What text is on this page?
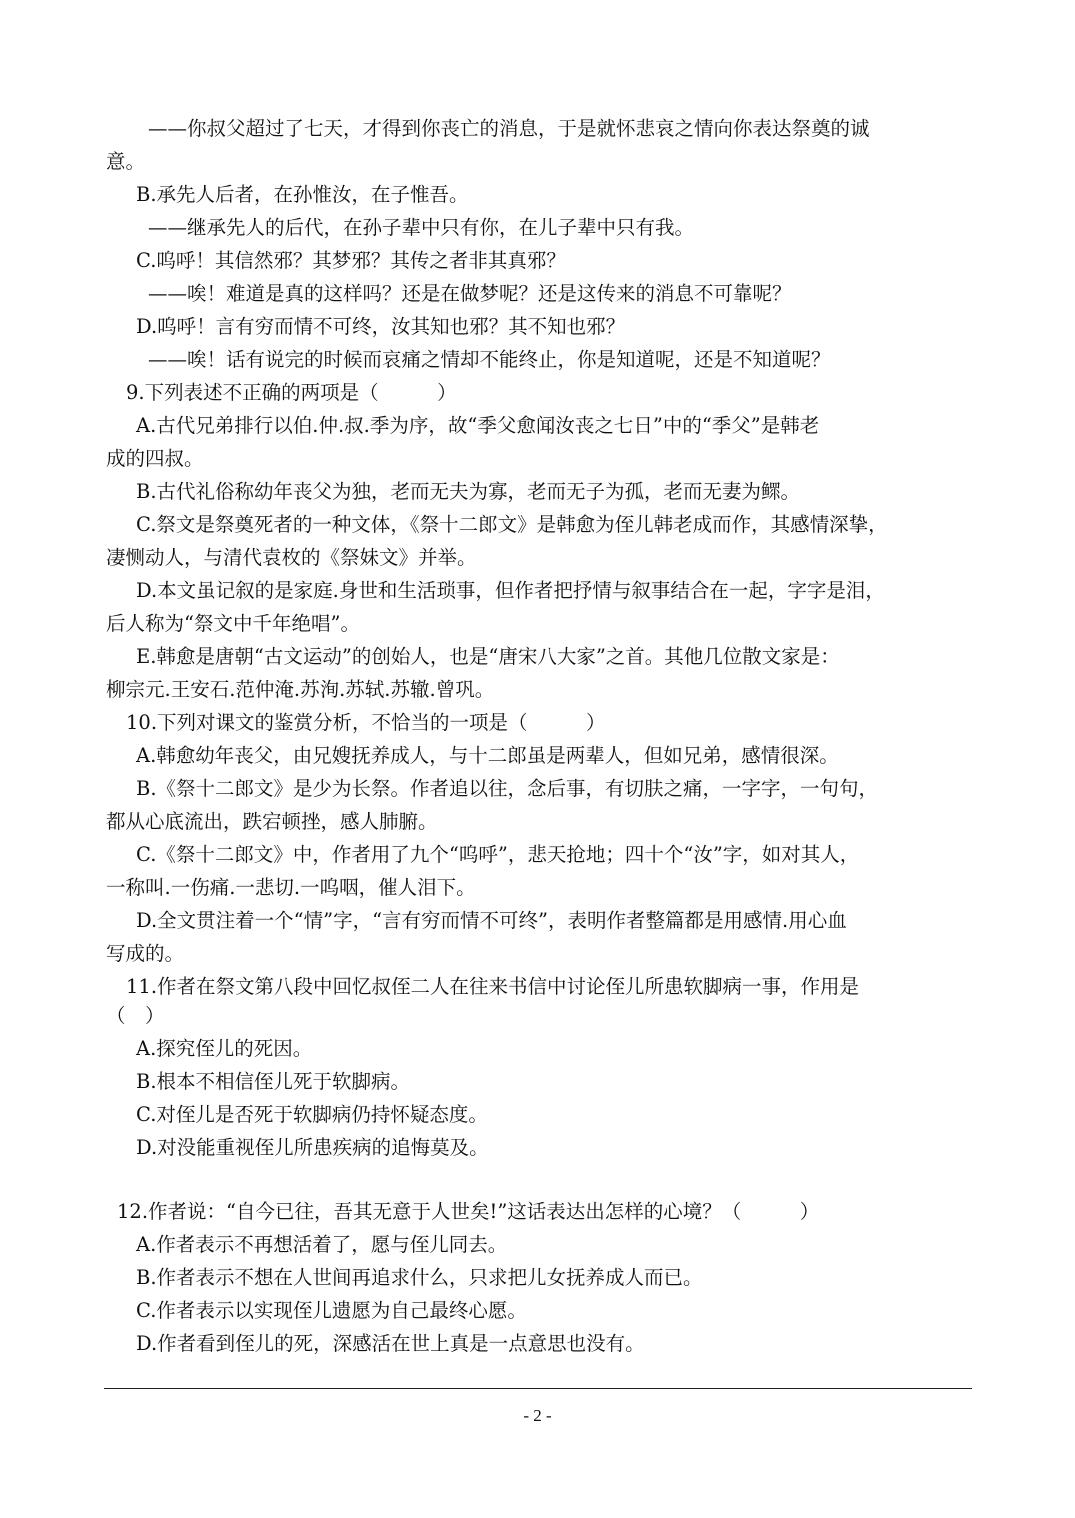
——你叔父超过了七天，才得到你丧亡的消息，于是就怀悲哀之情向你表达祭奠的诚
意。
B.承先人后者，在孙惟汝，在子惟吾。
——继承先人的后代，在孙子辈中只有你，在儿子辈中只有我。
C.呜呼！其信然邪？其梦邪？其传之者非其真邪？
——唉！难道是真的这样吗？还是在做梦呢？还是这传来的消息不可靠呢？
D.呜呼！言有穷而情不可终，汝其知也邪？其不知也邪？
——唉！话有说完的时候而哀痛之情却不能终止，你是知道呢，还是不知道呢？
9.下列表述不正确的两项是（　　　）
A.古代兄弟排行以伯.仲.叔.季为序，故“季父愈闻汝丧之七日”中的“季父”是韩老
成的四叔。
B.古代礼俗称幼年丧父为独，老而无夫为寡，老而无子为孤，老而无妻为鳏。
C.祭文是祭奠死者的一种文体，《祭十二郎文》是韩愈为侄儿韩老成而作，其感情深挚，
凄恻动人，与清代袁枚的《祭妹文》并举。
D.本文虽记叙的是家庭.身世和生活琐事，但作者把抒情与叙事结合在一起，字字是泪，
后人称为“祭文中千年绝唱”。
E.韩愈是唐朝“古文运动”的创始人，也是“唐宋八大家”之首。其他几位散文家是：
柳宗元.王安石.范仲淹.苏洵.苏轼.苏辙.曾巩。
10.下列对课文的鉴赏分析，不恰当的一项是（　　　）
A.韩愈幼年丧父，由兄嫂抚养成人，与十二郎虽是两辈人，但如兄弟，感情很深。
B.《祭十二郎文》是少为长祭。作者追以往，念后事，有切肤之痛，一字字，一句句，
都从心底流出，跌宕顿挫，感人肺腑。
C.《祭十二郎文》中，作者用了九个“呜呼”，悲天抢地；四十个“汝”字，如对其人，
一称叫.一伤痛.一悲切.一呜咽，催人泪下。
D.全文贯注着一个“情”字，“言有穷而情不可终”，表明作者整篇都是用感情.用心血
写成的。
11.作者在祭文第八段中回忆叔侄二人在往来书信中讨论侄儿所患软脚病一事，作用是
（　）
A.探究侄儿的死因。
B.根本不相信侄儿死于软脚病。
C.对侄儿是否死于软脚病仍持怀疑态度。
D.对没能重视侄儿所患疾病的追悔莫及。
12.作者说：“自今已往，吾其无意于人世矣!”这话表达出怎样的心境？（　　　）
A.作者表示不再想活着了，愿与侄儿同去。
B.作者表示不想在人世间再追求什么，只求把儿女抚养成人而已。
C.作者表示以实现侄儿遗愿为自己最终心愿。
D.作者看到侄儿的死，深感活在世上真是一点意思也没有。
- 2 -
